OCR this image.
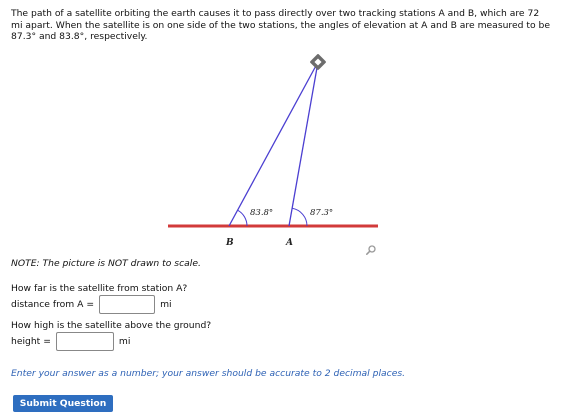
The path of a satellite orbiting the earth causes it to pass directly over two tracking stations A and B, which are 72 mi apart. When the satellite is on one side of the two stations, the angles of elevation at A and B are measured to be 87.3° and 83.8°, respectively.
83.8°	87.3°
B	A
NOTE: The picture is NOT drawn to scale.
How far is the satellite from station A?
distance from A =	mi
How high is the satellite above the ground?
height =	mi
Enter your answer as a number; your answer should be accurate to 2 decimal places.
Submit Question
